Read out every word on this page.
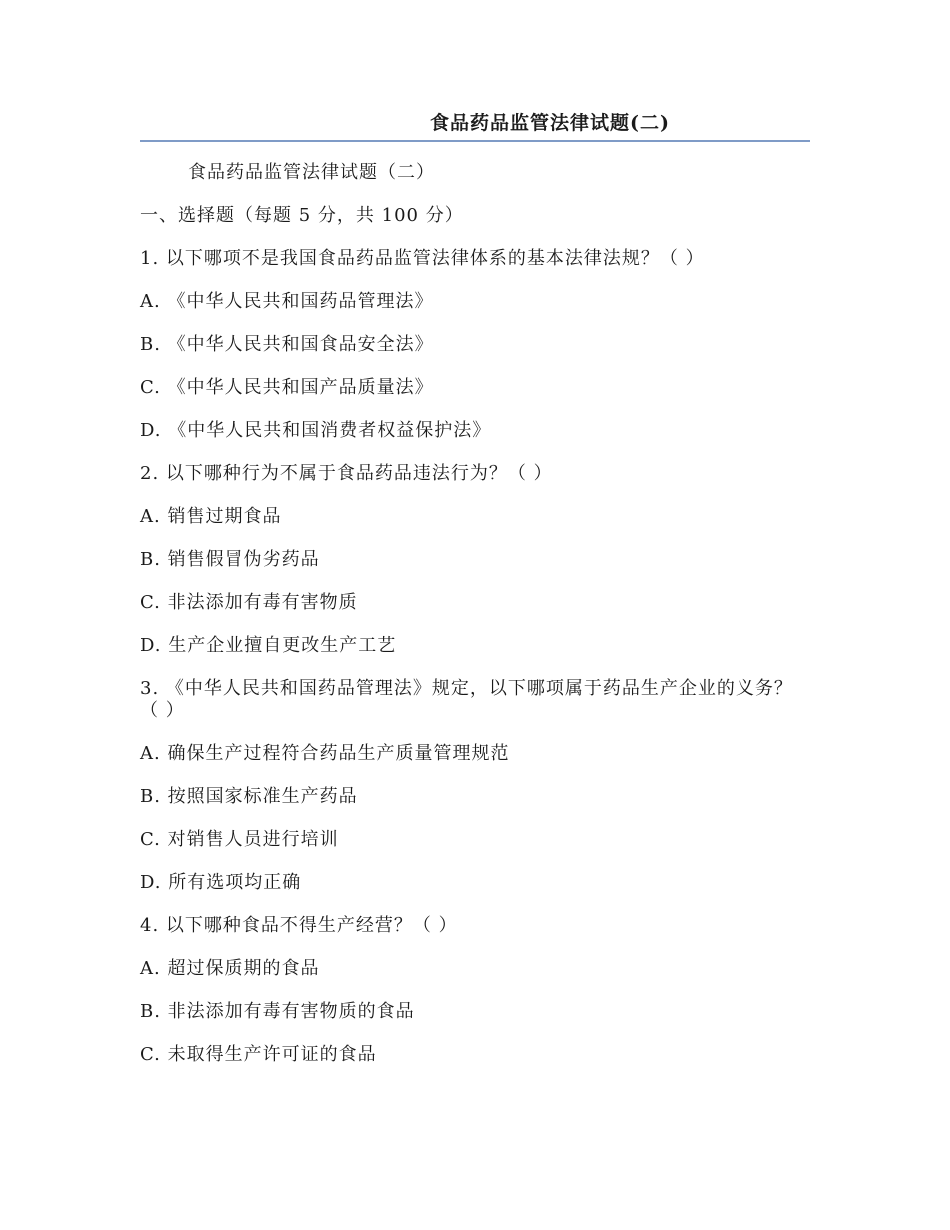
食品药品监管法律试题(二)

食品药品监管法律试题（二）

一、选择题（每题 5 分，共 100 分）

1. 以下哪项不是我国食品药品监管法律体系的基本法律法规？（ ）

A. 《中华人民共和国药品管理法》

B. 《中华人民共和国食品安全法》

C. 《中华人民共和国产品质量法》

D. 《中华人民共和国消费者权益保护法》

2. 以下哪种行为不属于食品药品违法行为？（ ）

A. 销售过期食品

B. 销售假冒伪劣药品

C. 非法添加有毒有害物质

D. 生产企业擅自更改生产工艺

3. 《中华人民共和国药品管理法》规定，以下哪项属于药品生产企业的义务？（ ）

A. 确保生产过程符合药品生产质量管理规范

B. 按照国家标准生产药品

C. 对销售人员进行培训

D. 所有选项均正确

4. 以下哪种食品不得生产经营？（ ）

A. 超过保质期的食品

B. 非法添加有毒有害物质的食品

C. 未取得生产许可证的食品
